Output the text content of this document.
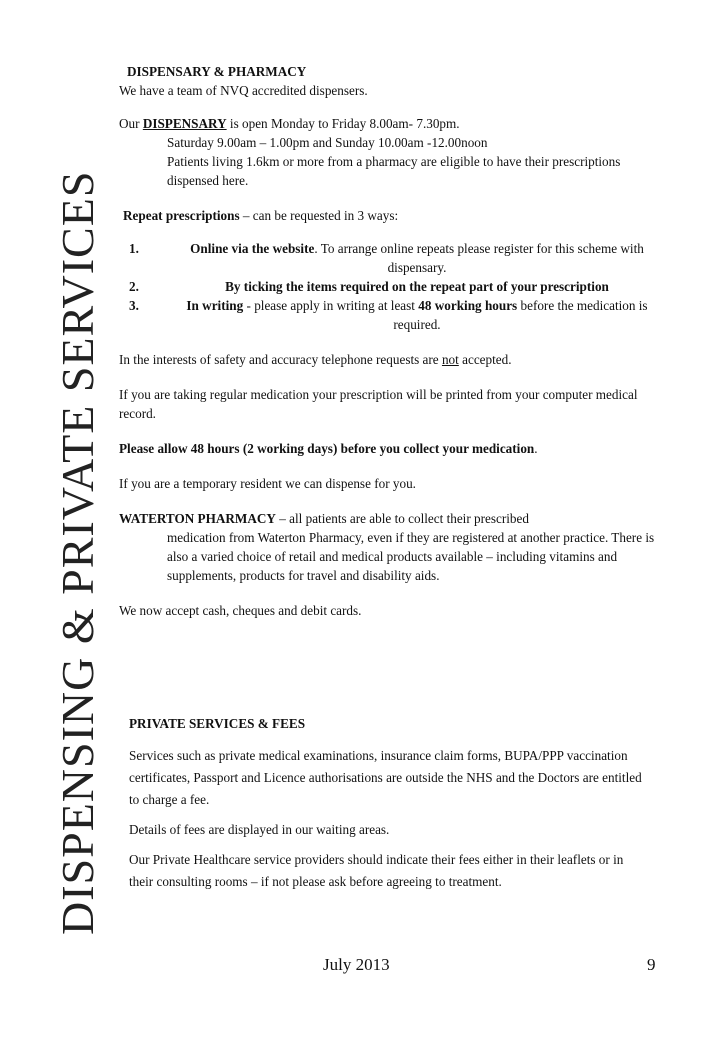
DISPENSING & PRIVATE SERVICES

DISPENSARY & PHARMACY

We have a team of NVQ accredited dispensers.

Our DISPENSARY is open Monday to Friday 8.00am- 7.30pm.

Saturday 9.00am – 1.00pm and Sunday 10.00am -12.00noon

Patients living 1.6km or more from a pharmacy are eligible to have their prescriptions dispensed here.

Repeat prescriptions – can be requested in 3 ways:

1.	Online via the website. To arrange online repeats please register for this scheme with dispensary.
2.	By ticking the items required on the repeat part of your prescription
3.	In writing - please apply in writing at least 48 working hours before the medication is required.

In the interests of safety and accuracy telephone requests are not accepted.

If you are taking regular medication your prescription will be printed from your computer medical record.

Please allow 48 hours (2 working days) before you collect your medication.

If you are a temporary resident we can dispense for you.

WATERTON PHARMACY – all patients are able to collect their prescribed

medication from Waterton Pharmacy, even if they are registered at another practice. There is also a varied choice of retail and medical products available – including vitamins and supplements, products for travel and disability aids.

We now accept cash, cheques and debit cards.

PRIVATE SERVICES & FEES

Services such as private medical examinations, insurance claim forms, BUPA/PPP vaccination certificates, Passport and Licence authorisations are outside the NHS and the Doctors are entitled to charge a fee.

Details of fees are displayed in our waiting areas.

Our Private Healthcare service providers should indicate their fees either in their leaflets or in their consulting rooms – if not please ask before agreeing to treatment.

July 2013	9
